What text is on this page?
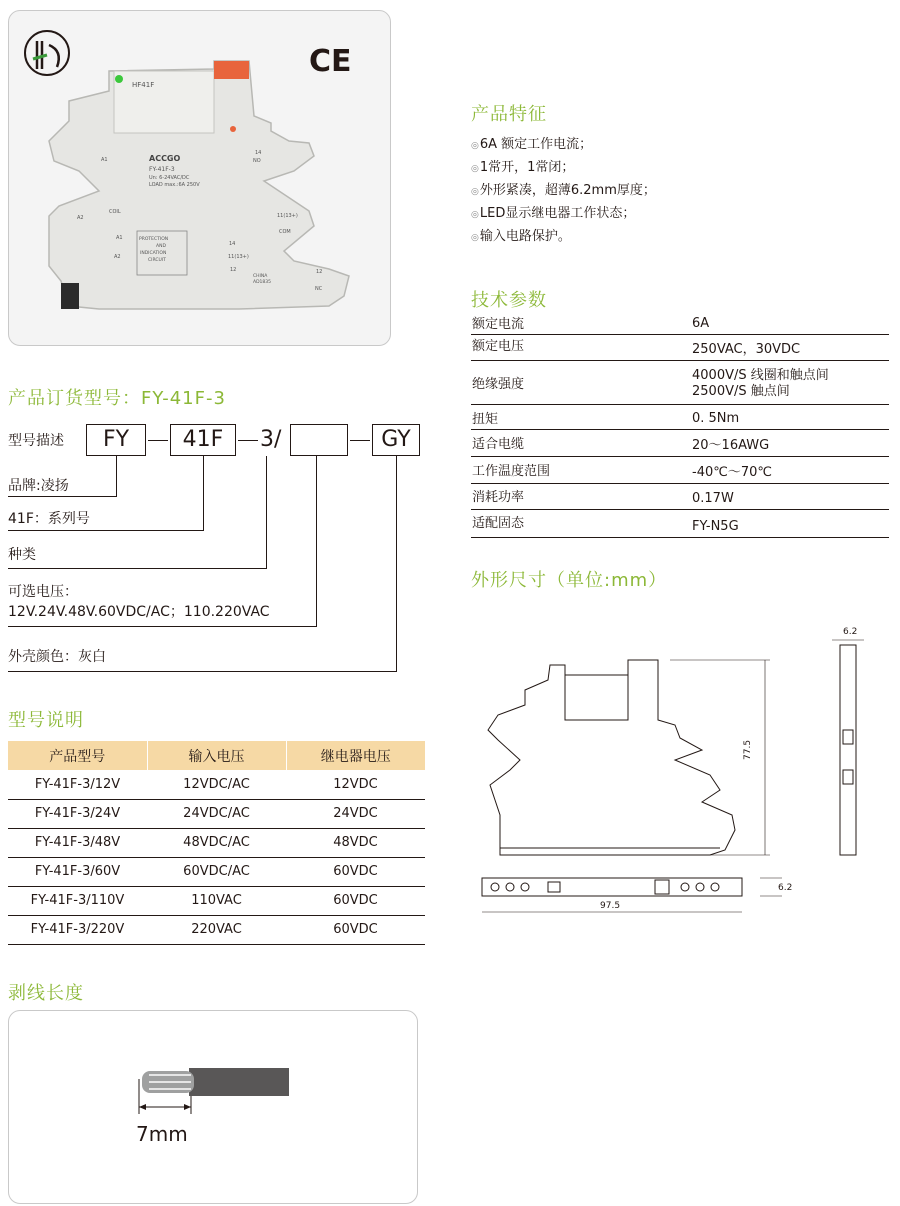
HF41F
ACCGO
FY-41F-3
Un: 6-24VAC/DC
LOAD max.:6A 250V
PROTECTION
AND
INDICATION
CIRCUIT
A1
A2
COIL
A1
A2
14
NO
11(13+)
COM
14
11(13+)
12	12
NC
CHINA
AD1835
CE
产品特征
◎6A 额定工作电流；
◎1常开，1常闭；
◎外形紧凑，超薄6.2mm厚度；
◎LED显示继电器工作状态；
◎输入电路保护。
技术参数
额定电流	6A
额定电压	250VAC，30VDC
绝缘强度
4000V/S 线圈和触点间
2500V/S 触点间
扭矩	0. 5Nm
适合电缆	20～16AWG
工作温度范围	-40℃～70℃
消耗功率	0.17W
适配固态	FY-N5G
外形尺寸（单位:mm）
77.5
6.2
6.2
97.5
产品订货型号：FY-41F-3
型号描述	FY	41F	3/	GY
品牌:凌扬
41F：系列号
种类
可选电压：
12V.24V.48V.60VDC/AC；110.220VAC
外壳颜色：灰白
型号说明
产品型号	输入电压	继电器电压
FY-41F-3/12V	12VDC/AC	12VDC
FY-41F-3/24V	24VDC/AC	24VDC
FY-41F-3/48V	48VDC/AC	48VDC
FY-41F-3/60V	60VDC/AC	60VDC
FY-41F-3/110V	110VAC	60VDC
FY-41F-3/220V	220VAC	60VDC
剥线长度
7mm
